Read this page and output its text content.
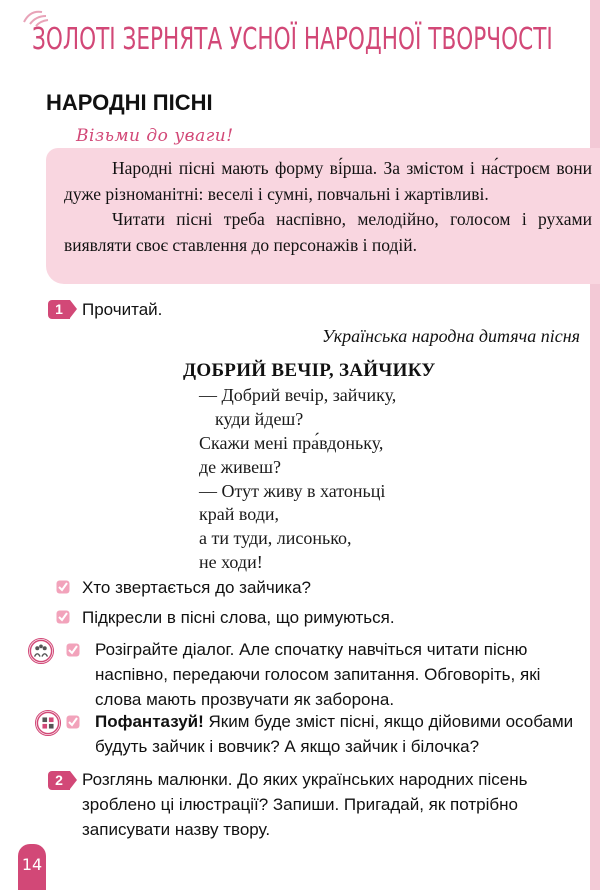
ЗОЛОТІ ЗЕРНЯТА УСНОЇ НАРОДНОЇ ТВОРЧОСТІ
НАРОДНІ ПІСНІ
Візьми до уваги!

Народні пісні мають форму ві́рша. За змістом і на́строєм вони дуже різноманітні: веселі і сумні, повчальні і жартівливі.

Читати пісні треба наспівно, мелодійно, голосом і рухами виявляти своє ставлення до персонажів і подій.

1	Прочитай.
Українська народна дитяча пісня
ДОБРИЙ ВЕЧІР, ЗАЙЧИКУ
— Добрий вечір, зайчику,
куди йдеш?
Скажи мені пра́вдоньку,
де живеш?
— Отут живу в хатоньці
край води,
а ти туди, лисонько,
не ходи!
Хто звертається до зайчика?
Підкресли в пісні слова, що римуються.
Розіграйте діалог. Але спочатку навчіться читати пісню наспівно, передаючи голосом запитання. Обговоріть, які слова мають прозвучати як заборона.
Пофантазуй! Яким буде зміст пісні, якщо дійовими особами будуть зайчик і вовчик? А якщо зайчик і білочка?
2	Розглянь малюнки. До яких українських народних пісень зроблено ці ілюстрації? Запиши. Пригадай, як потрібно записувати назву твору.
14
